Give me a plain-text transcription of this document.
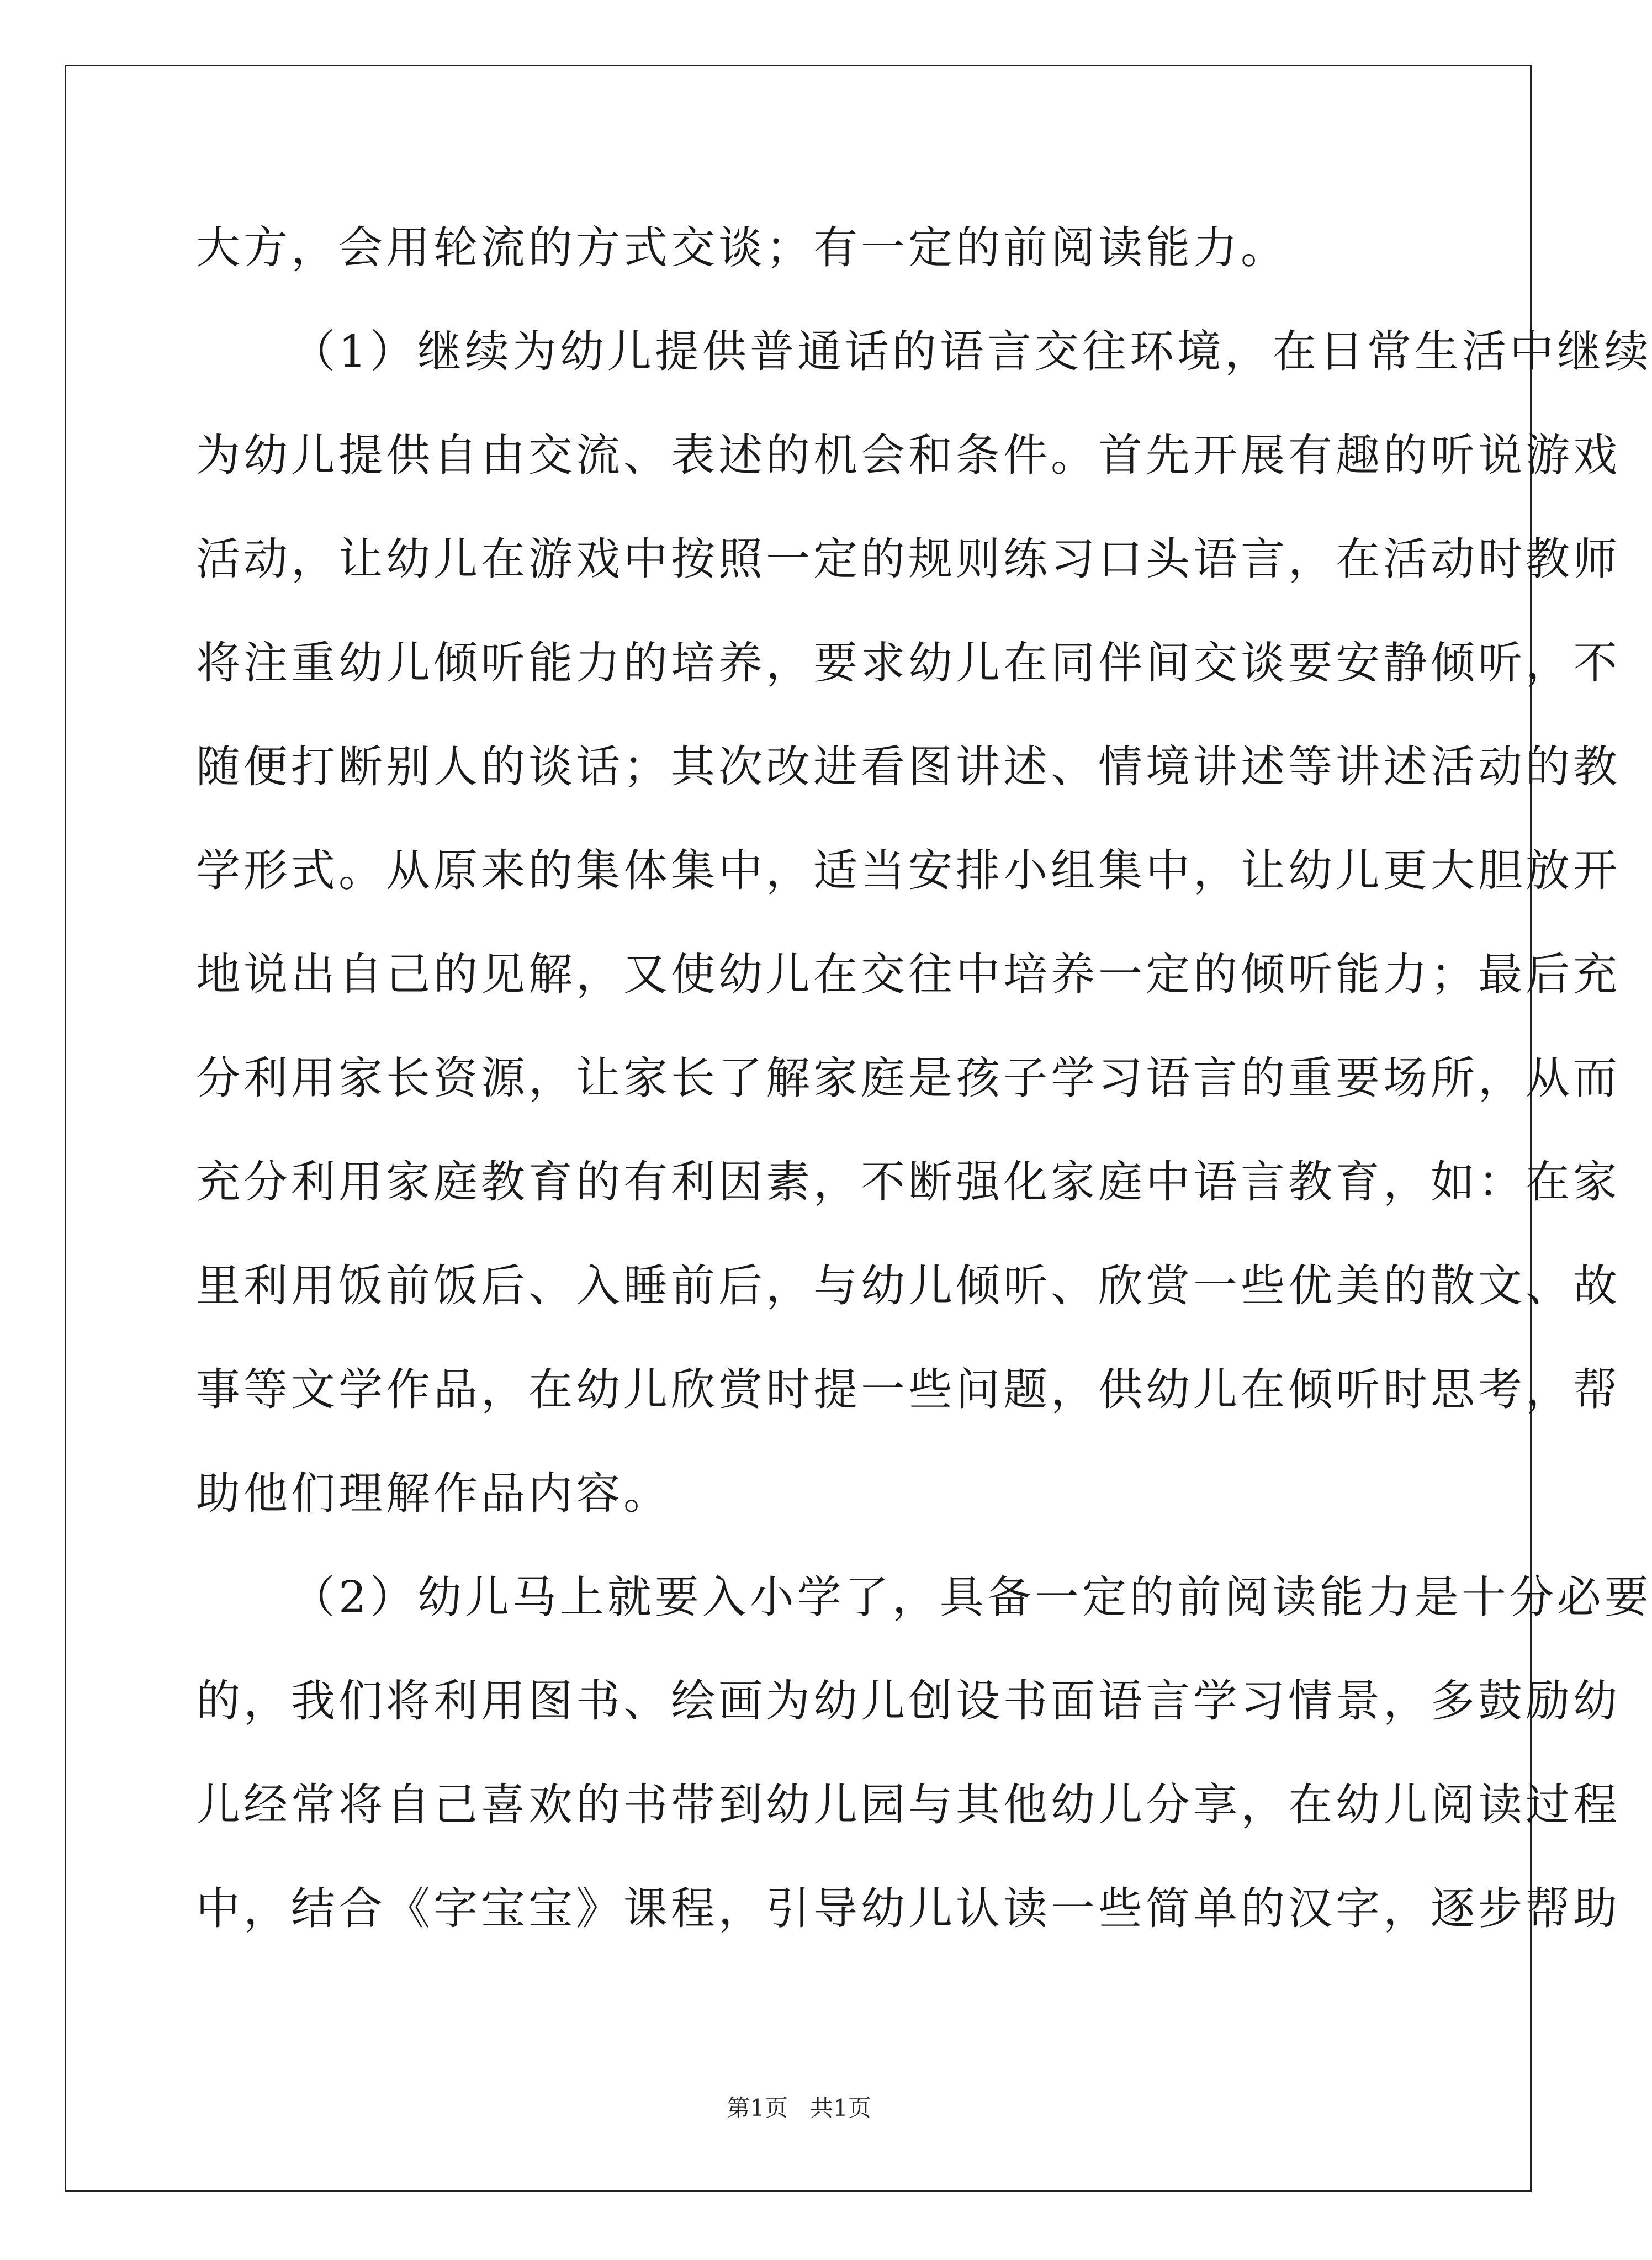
大方，会用轮流的方式交谈；有一定的前阅读能力。
（ 1 ） 继 续 为 幼 儿 提 供 普 通 话 的 语 言 交 往 环 境 ， 在 日 常 生 活 中 继 续
为 幼 儿 提 供 自 由 交 流 、 表 述 的 机 会 和 条 件 。 首 先 开 展 有 趣 的 听 说 游 戏
活 动 ， 让 幼 儿 在 游 戏 中 按 照 一 定 的 规 则 练 习 口 头 语 言 ， 在 活 动 时 教 师
将 注 重 幼 儿 倾 听 能 力 的 培 养 ， 要 求 幼 儿 在 同 伴 间 交 谈 要 安 静 倾 听 ， 不
随 便 打 断 别 人 的 谈 话 ； 其 次 改 进 看 图 讲 述 、 情 境 讲 述 等 讲 述 活 动 的 教
学 形 式 。 从 原 来 的 集 体 集 中 ， 适 当 安 排 小 组 集 中 ， 让 幼 儿 更 大 胆 放 开
地 说 出 自 己 的 见 解 ， 又 使 幼 儿 在 交 往 中 培 养 一 定 的 倾 听 能 力 ； 最 后 充
分 利 用 家 长 资 源 ， 让 家 长 了 解 家 庭 是 孩 子 学 习 语 言 的 重 要 场 所 ， 从 而
充 分 利 用 家 庭 教 育 的 有 利 因 素 ， 不 断 强 化 家 庭 中 语 言 教 育 ， 如 ： 在 家
里 利 用 饭 前 饭 后 、 入 睡 前 后 ， 与 幼 儿 倾 听 、 欣 赏 一 些 优 美 的 散 文 、 故
事 等 文 学 作 品 ， 在 幼 儿 欣 赏 时 提 一 些 问 题 ， 供 幼 儿 在 倾 听 时 思 考 ， 帮
助他们理解作品内容。
（ 2 ） 幼 儿 马 上 就 要 入 小 学 了 ， 具 备 一 定 的 前 阅 读 能 力 是 十 分 必 要
的 ， 我 们 将 利 用 图 书 、 绘 画 为 幼 儿 创 设 书 面 语 言 学 习 情 景 ， 多 鼓 励 幼
儿 经 常 将 自 己 喜 欢 的 书 带 到 幼 儿 园 与 其 他 幼 儿 分 享 ， 在 幼 儿 阅 读 过 程
中，结合《字宝宝》课程，引导幼儿认读一些简单的汉字，逐步帮助
第1页   共1页
